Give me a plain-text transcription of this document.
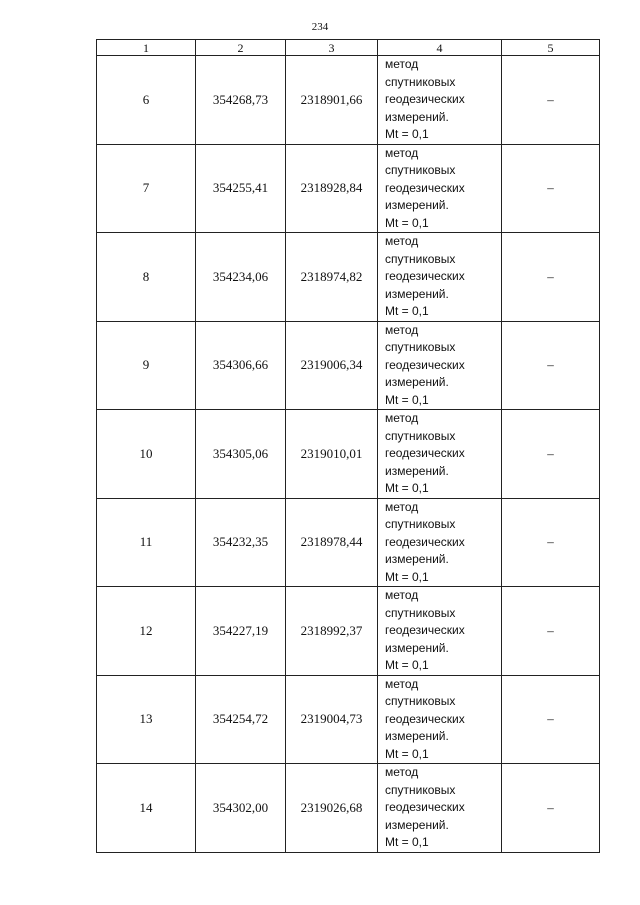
234
1	2	3	4	5
6	354268,73	2318901,66	метод
спутниковых
геодезических
измерений.
Mt = 0,1	–
7	354255,41	2318928,84	метод
спутниковых
геодезических
измерений.
Mt = 0,1	–
8	354234,06	2318974,82	метод
спутниковых
геодезических
измерений.
Mt = 0,1	–
9	354306,66	2319006,34	метод
спутниковых
геодезических
измерений.
Mt = 0,1	–
10	354305,06	2319010,01	метод
спутниковых
геодезических
измерений.
Mt = 0,1	–
11	354232,35	2318978,44	метод
спутниковых
геодезических
измерений.
Mt = 0,1	–
12	354227,19	2318992,37	метод
спутниковых
геодезических
измерений.
Mt = 0,1	–
13	354254,72	2319004,73	метод
спутниковых
геодезических
измерений.
Mt = 0,1	–
14	354302,00	2319026,68	метод
спутниковых
геодезических
измерений.
Mt = 0,1	–
